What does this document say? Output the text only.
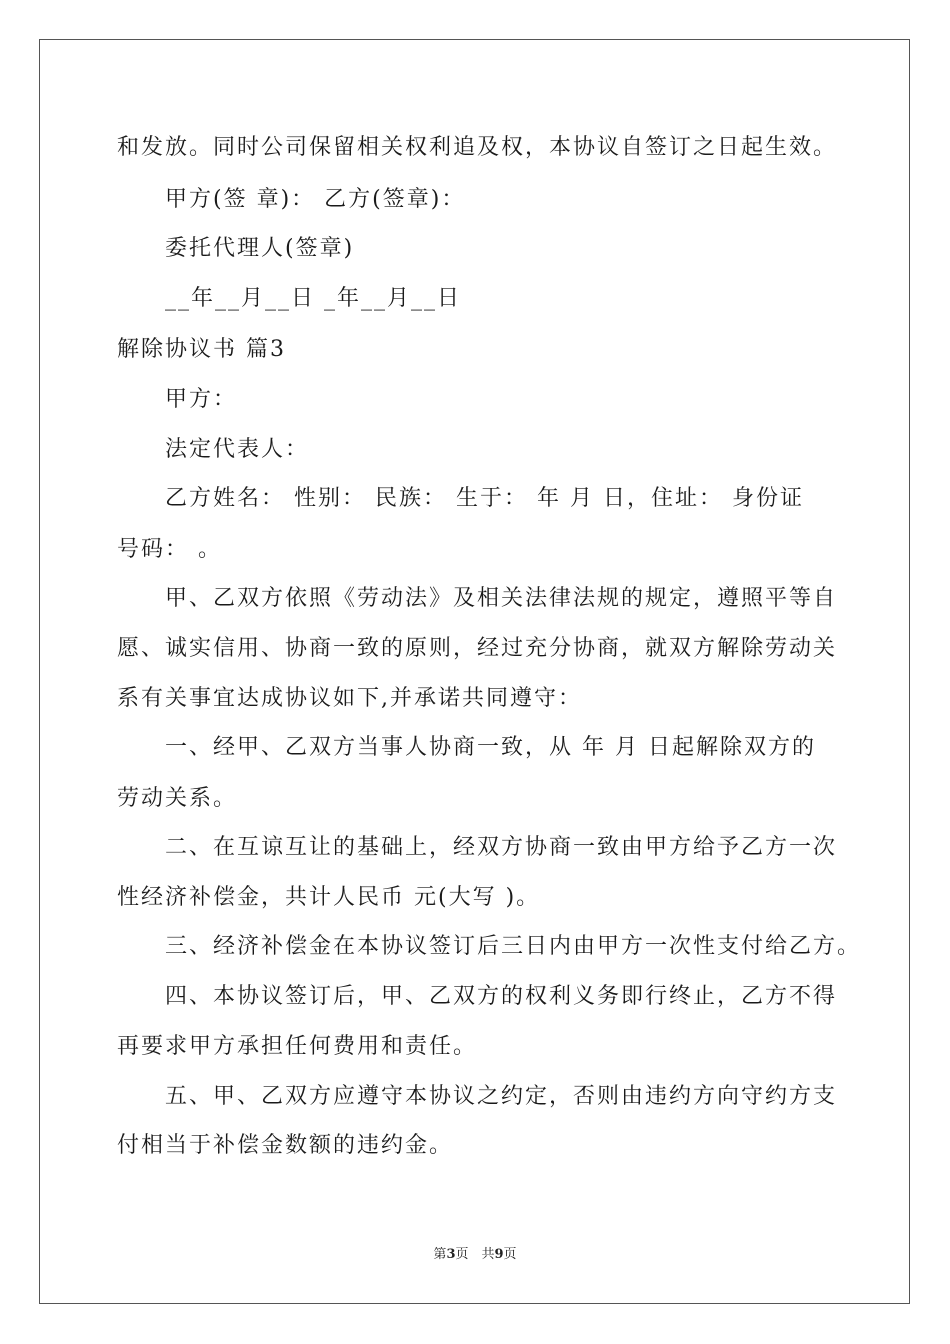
和发放。同时公司保留相关权利追及权，本协议自签订之日起生效。
甲方(签 章)： 乙方(签章)：
委托代理人(签章)
__年__月__日 _年__月__日
解除协议书 篇3
甲方：
法定代表人：
乙方姓名： 性别： 民族： 生于： 年 月 日，住址： 身份证
号码： 。
甲、乙双方依照《劳动法》及相关法律法规的规定，遵照平等自
愿、诚实信用、协商一致的原则，经过充分协商，就双方解除劳动关
系有关事宜达成协议如下,并承诺共同遵守：
一、经甲、乙双方当事人协商一致，从 年 月 日起解除双方的
劳动关系。
二、在互谅互让的基础上，经双方协商一致由甲方给予乙方一次
性经济补偿金，共计人民币 元(大写 )。
三、经济补偿金在本协议签订后三日内由甲方一次性支付给乙方。
四、本协议签订后，甲、乙双方的权利义务即行终止，乙方不得
再要求甲方承担任何费用和责任。
五、甲、乙双方应遵守本协议之约定，否则由违约方向守约方支
付相当于补偿金数额的违约金。
第3页　共9页
